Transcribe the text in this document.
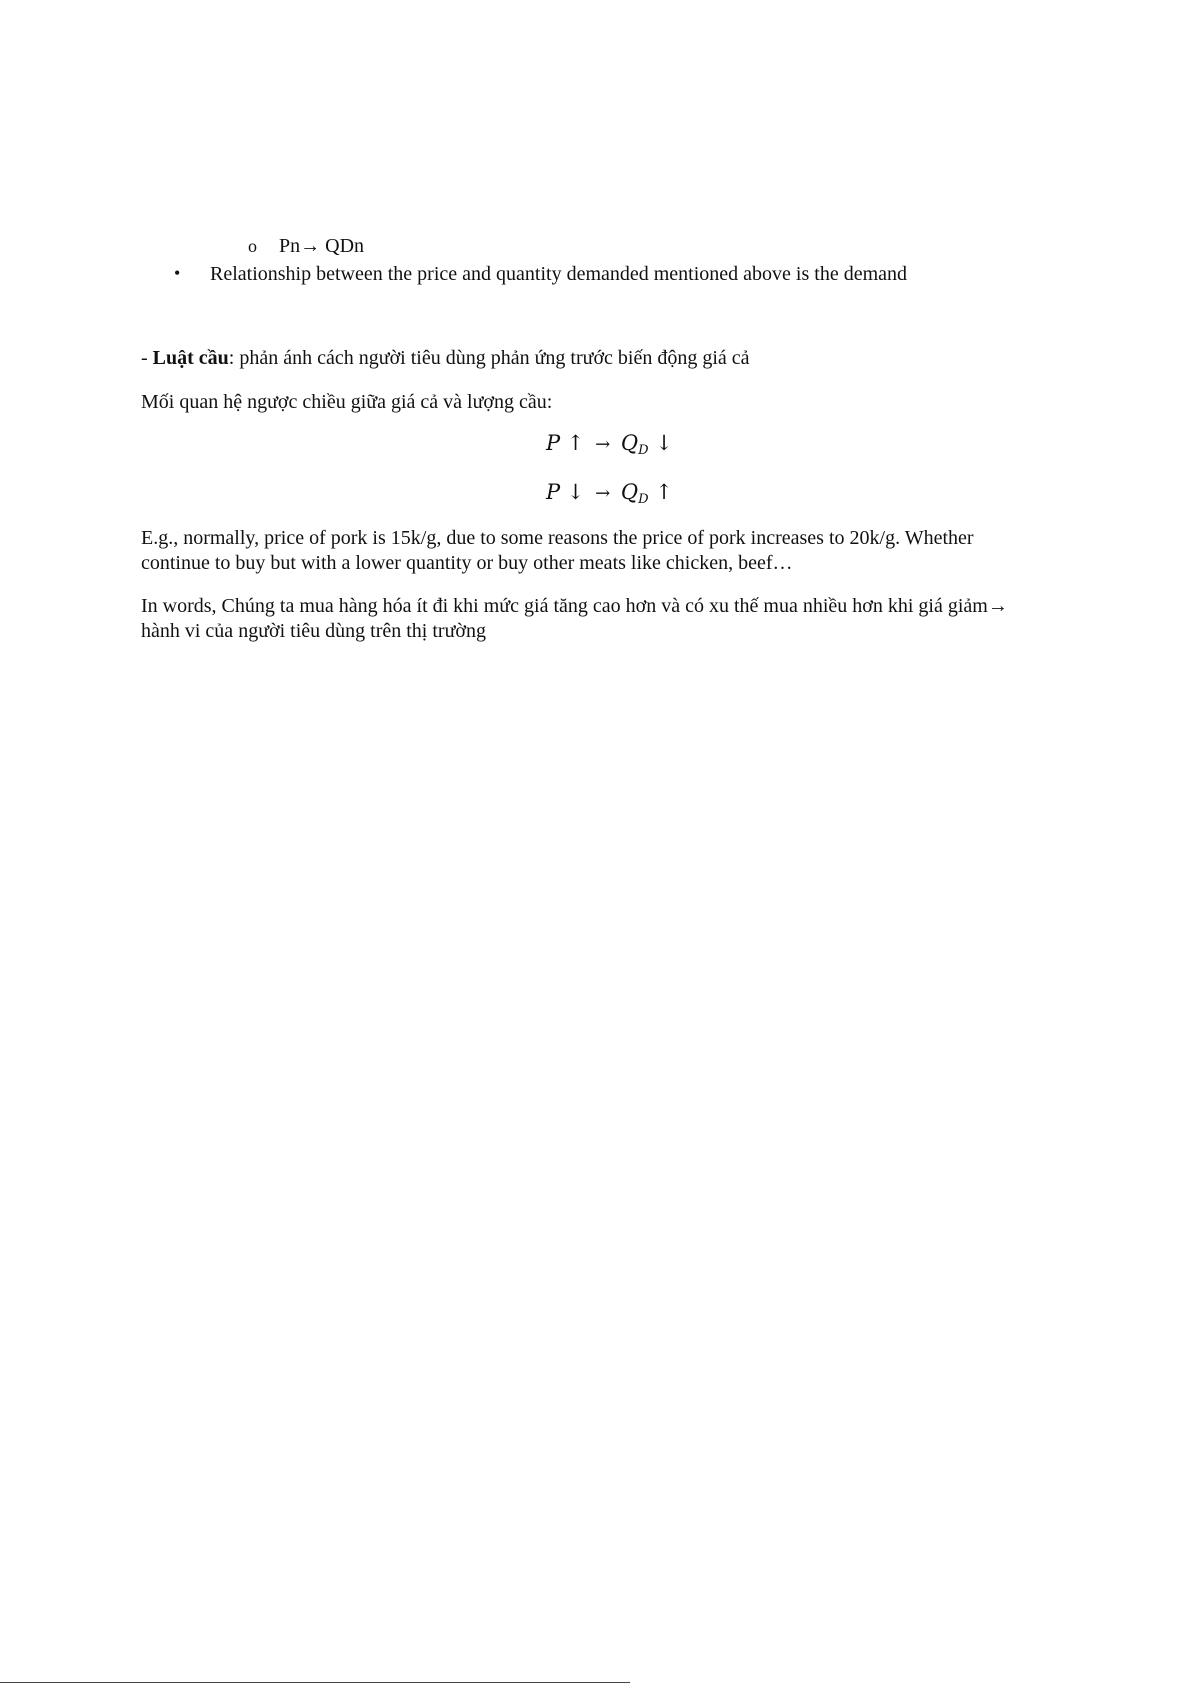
o Pn→ QDn
• Relationship between the price and quantity demanded mentioned above is the demand
- Luật cầu: phản ánh cách người tiêu dùng phản ứng trước biến động giá cả
Mối quan hệ ngược chiều giữa giá cả và lượng cầu:
P ↑ → $Q_D$ ↓
P ↓ → $Q_D$ ↑
E.g., normally, price of pork is 15k/g, due to some reasons the price of pork increases to 20k/g. Whether continue to buy but with a lower quantity or buy other meats like chicken, beef…
In words, Chúng ta mua hàng hóa ít đi khi mức giá tăng cao hơn và có xu thế mua nhiều hơn khi giá giảm→ hành vi của người tiêu dùng trên thị trường
